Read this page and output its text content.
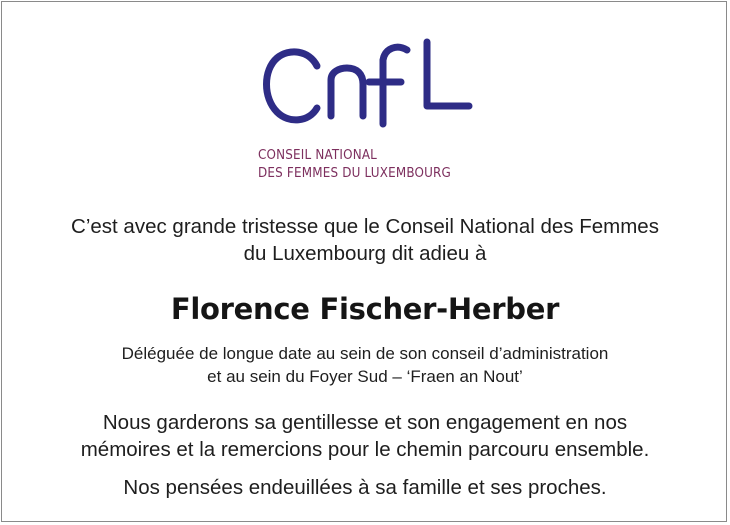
CONSEIL NATIONAL
DES FEMMES DU LUXEMBOURG
C’est avec grande tristesse que le Conseil National des Femmes
du Luxembourg dit adieu à
Florence Fischer-Herber
Déléguée de longue date au sein de son conseil d’administration
et au sein du Foyer Sud – ‘Fraen an Nout’
Nous garderons sa gentillesse et son engagement en nos
mémoires et la remercions pour le chemin parcouru ensemble.
Nos pensées endeuillées à sa famille et ses proches.
